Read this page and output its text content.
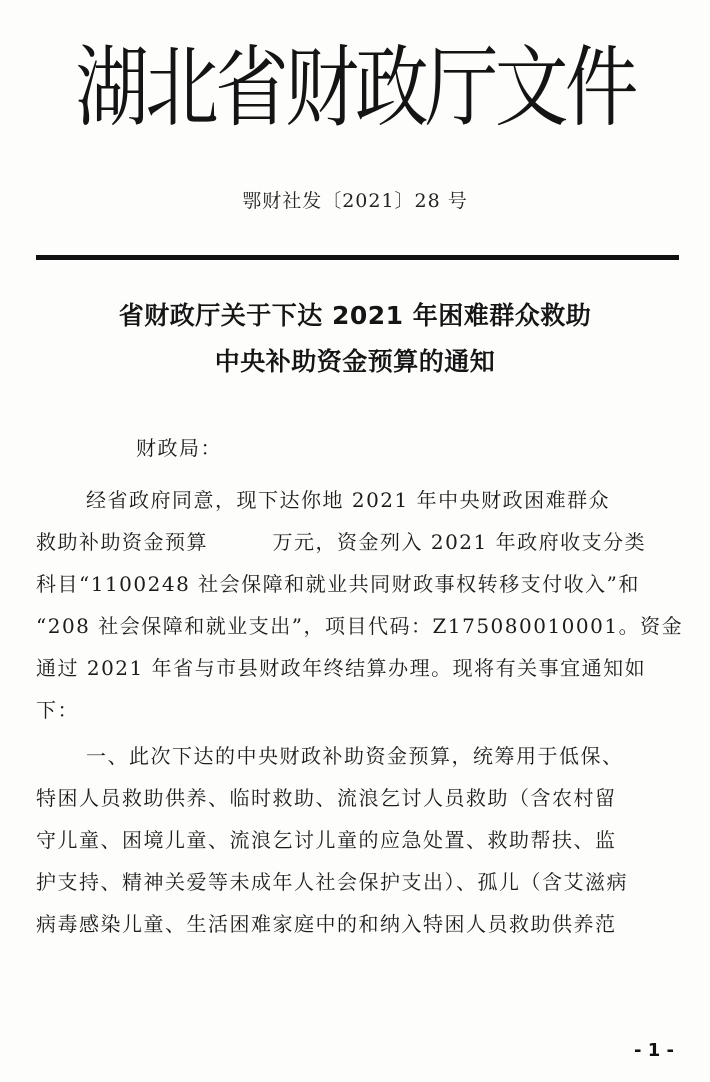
湖北省财政厅文件
鄂财社发〔2021〕28 号
省财政厅关于下达 2021 年困难群众救助
中央补助资金预算的通知
财政局：
经省政府同意，现下达你地 2021 年中央财政困难群众
救助补助资金预算　　　万元，资金列入 2021 年政府收支分类
科目“1100248 社会保障和就业共同财政事权转移支付收入”和
“208 社会保障和就业支出”，项目代码：Z175080010001。资金
通过 2021 年省与市县财政年终结算办理。现将有关事宜通知如
下：
一、此次下达的中央财政补助资金预算，统筹用于低保、
特困人员救助供养、临时救助、流浪乞讨人员救助（含农村留
守儿童、困境儿童、流浪乞讨儿童的应急处置、救助帮扶、监
护支持、精神关爱等未成年人社会保护支出）、孤儿（含艾滋病
病毒感染儿童、生活困难家庭中的和纳入特困人员救助供养范
- 1 -
